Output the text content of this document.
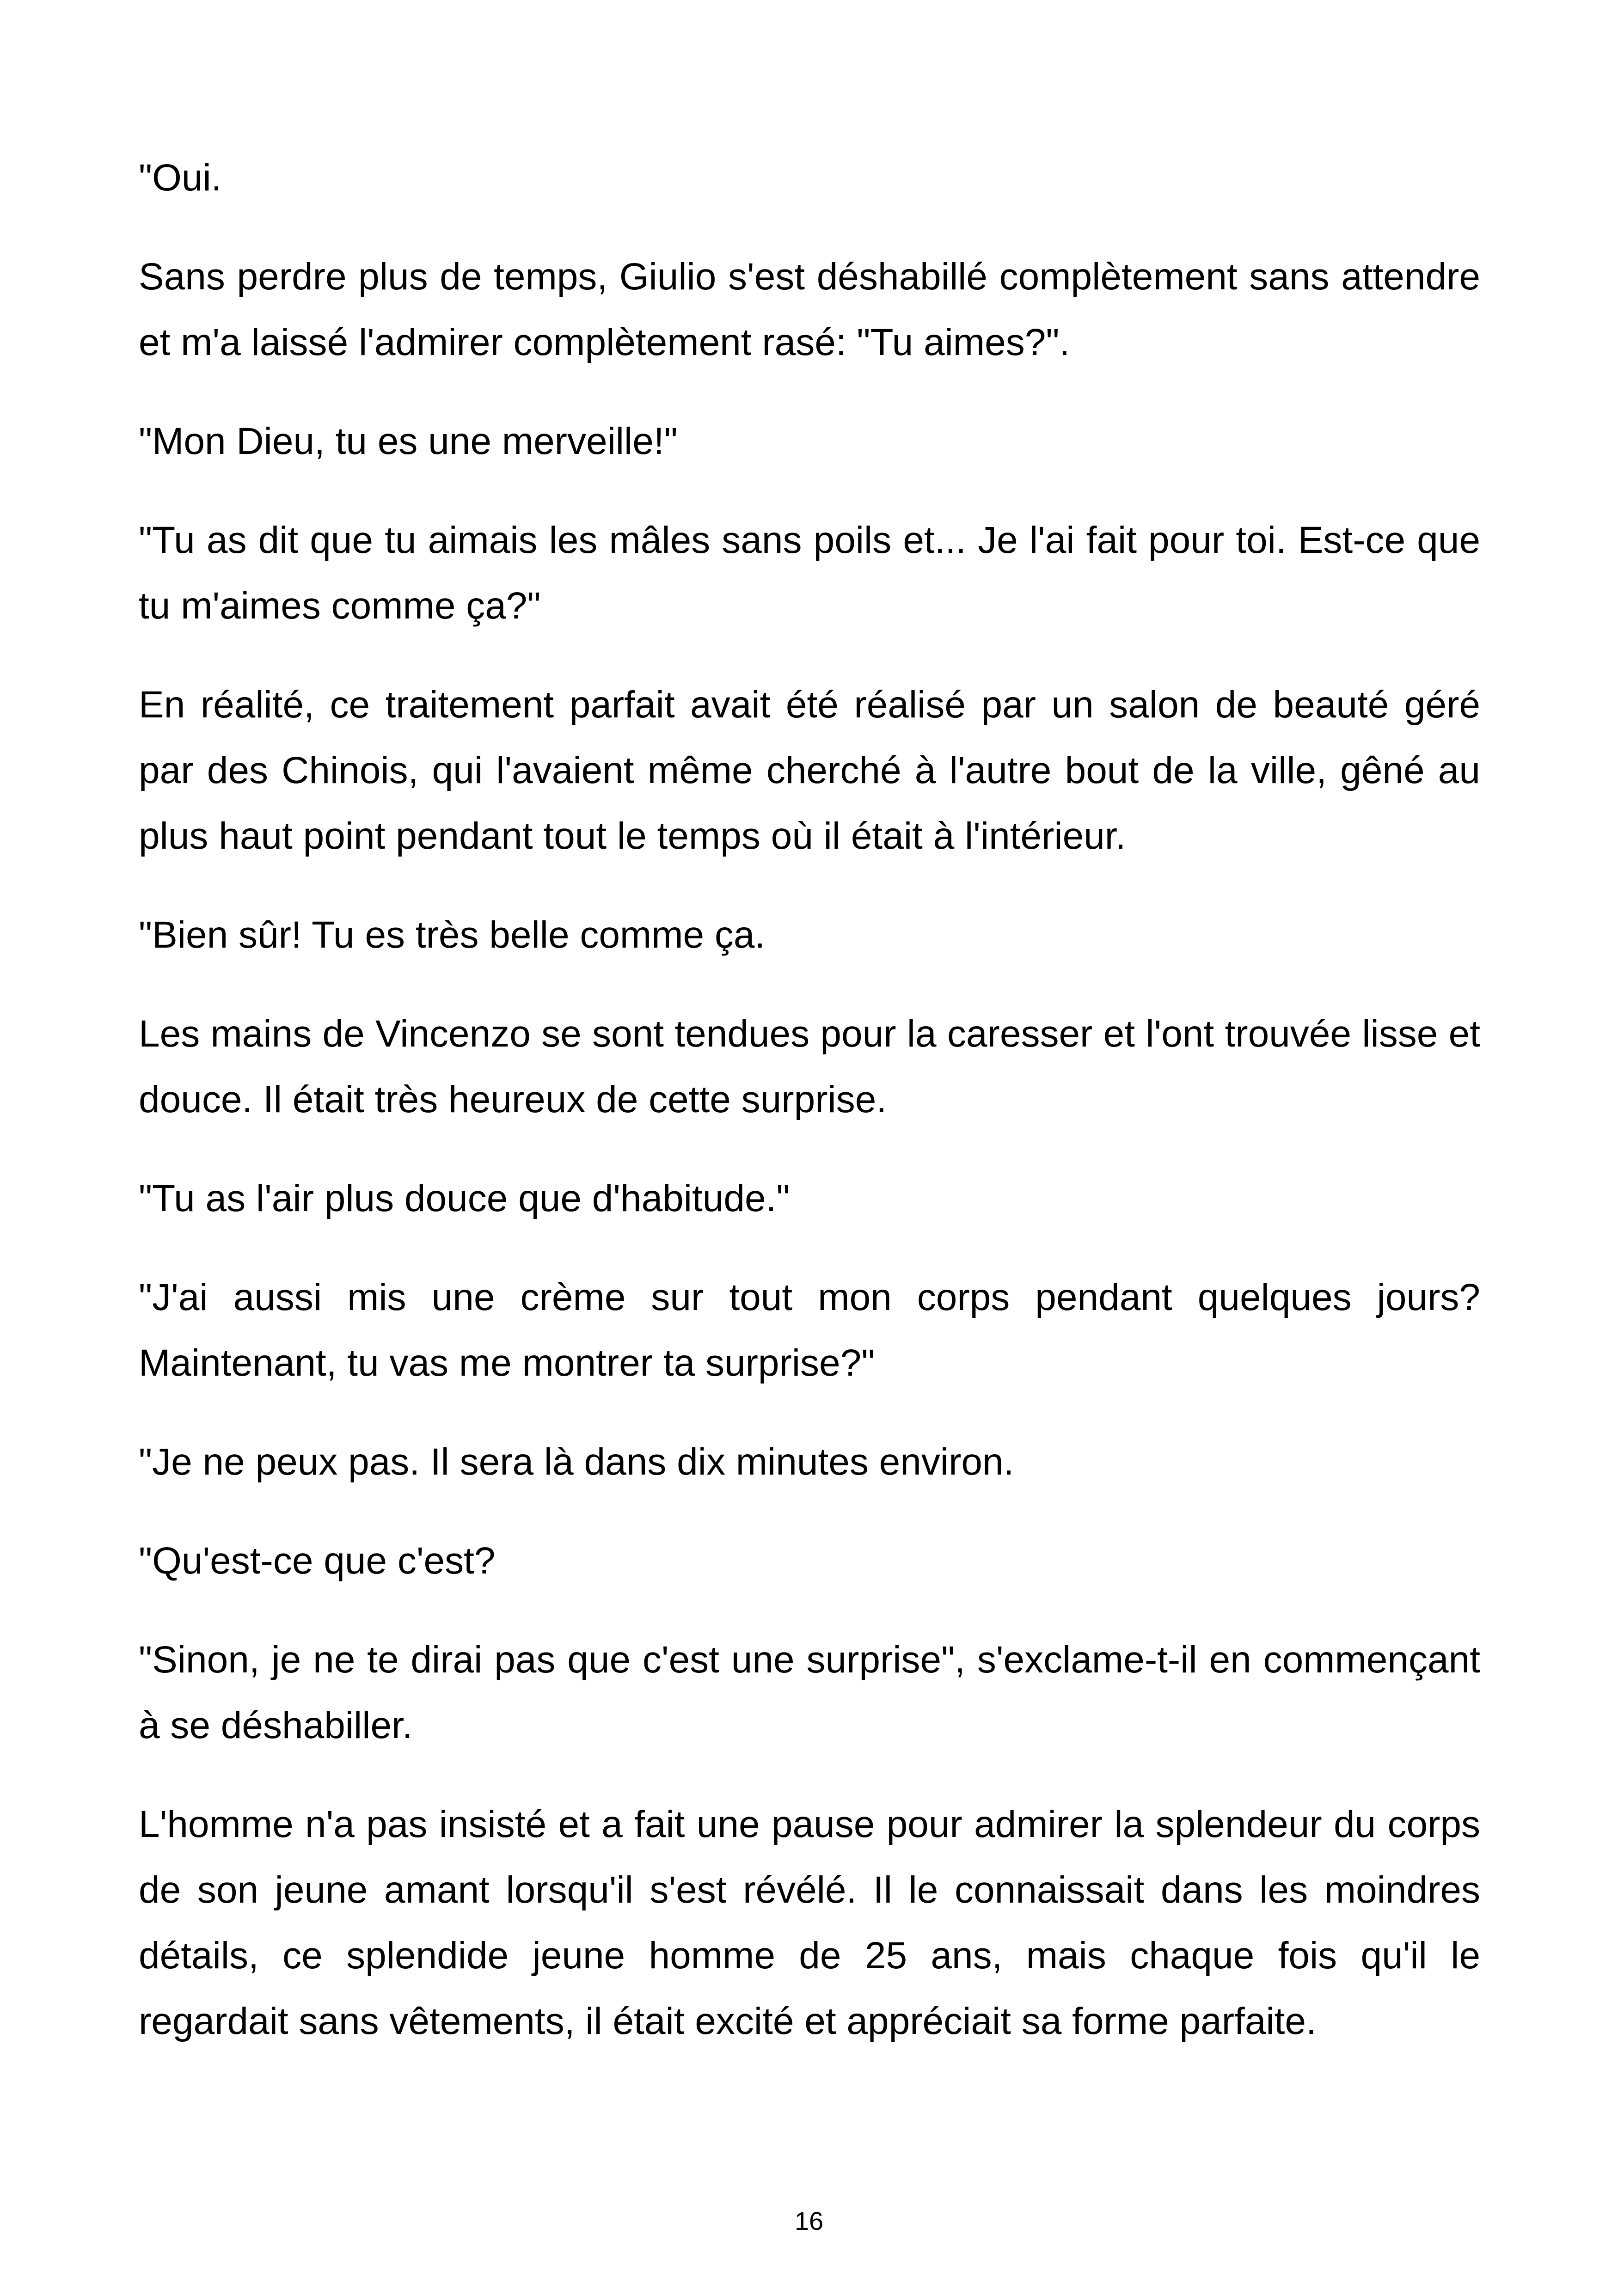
"Oui.

Sans perdre plus de temps, Giulio s'est déshabillé complètement sans attendre et m'a laissé l'admirer complètement rasé: "Tu aimes?".

"Mon Dieu, tu es une merveille!"

"Tu as dit que tu aimais les mâles sans poils et... Je l'ai fait pour toi. Est-ce que tu m'aimes comme ça?"

En réalité, ce traitement parfait avait été réalisé par un salon de beauté géré par des Chinois, qui l'avaient même cherché à l'autre bout de la ville, gêné au plus haut point pendant tout le temps où il était à l'intérieur.

"Bien sûr! Tu es très belle comme ça.

Les mains de Vincenzo se sont tendues pour la caresser et l'ont trouvée lisse et douce. Il était très heureux de cette surprise.

"Tu as l'air plus douce que d'habitude."

"J'ai aussi mis une crème sur tout mon corps pendant quelques jours? Maintenant, tu vas me montrer ta surprise?"

"Je ne peux pas. Il sera là dans dix minutes environ.

"Qu'est-ce que c'est?

"Sinon, je ne te dirai pas que c'est une surprise", s'exclame-t-il en commençant à se déshabiller.

L'homme n'a pas insisté et a fait une pause pour admirer la splendeur du corps de son jeune amant lorsqu'il s'est révélé. Il le connaissait dans les moindres détails, ce splendide jeune homme de 25 ans, mais chaque fois qu'il le regardait sans vêtements, il était excité et appréciait sa forme parfaite.

16
